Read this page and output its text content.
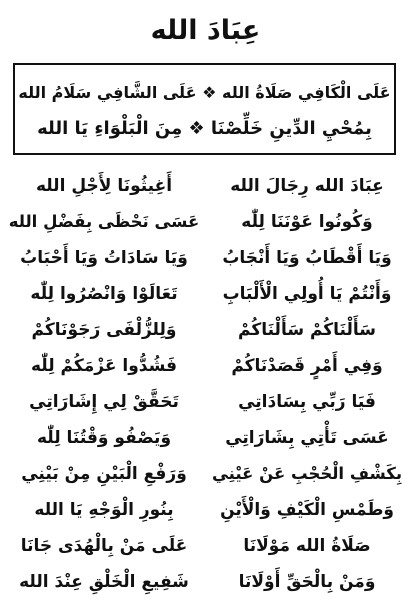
عِبَادَ الله
عَلَى الْكَافِي صَلَاةُ الله ❖ عَلَى الشَّافِي سَلَامُ الله
بِمُحْيِ الدِّينِ خَلِّصْنَا ❖ مِنَ الْبَلْوَاءِ يَا الله
عِبَادَ الله رِجَالَ الله
أَغِيثُونَا لِأَجْلِ الله
وَكُونُوا عَوْنَنَا لِلّٰه
عَسَى نَحْظَى بِفَضْلِ الله
وَيَا أَقْطَابُ وَيَا أَنْجَابُ
وَيَا سَادَاتُ وَيَا أَحْبَابُ
وَأَنْتُمْ يَا أُولِي الْأَلْبَابِ
تَعَالَوْا وَانْصُرُوا لِلّٰه
سَأَلْنَاكُمْ سَأَلْنَاكُمْ
وَلِلزُّلْفَى رَجَوْنَاكُمْ
وَفِي أَمْرٍ قَصَدْنَاكُمْ
فَشُدُّوا عَزْمَكُمْ لِلّٰه
فَيَا رَبِّي بِسَادَاتِي
تَحَقَّقْ لِي إِشَارَاتِي
عَسَى تَأْتِي بِشَارَاتِي
وَيَصْفُو وَقْتُنَا لِلّٰه
بِكَشْفِ الْحُجْبِ عَنْ عَيْنِي
وَرَفْعِ الْبَيْنِ مِنْ بَيْنِي
وَطَمْسِ الْكَيْفِ وَالْأَيْنِ
بِنُورِ الْوَجْهِ يَا الله
صَلَاةُ الله مَوْلَانَا
عَلَى مَنْ بِالْهُدَى جَانَا
وَمَنْ بِالْحَقِّ أَوْلَانَا
شَفِيعِ الْخَلْقِ عِنْدَ الله
